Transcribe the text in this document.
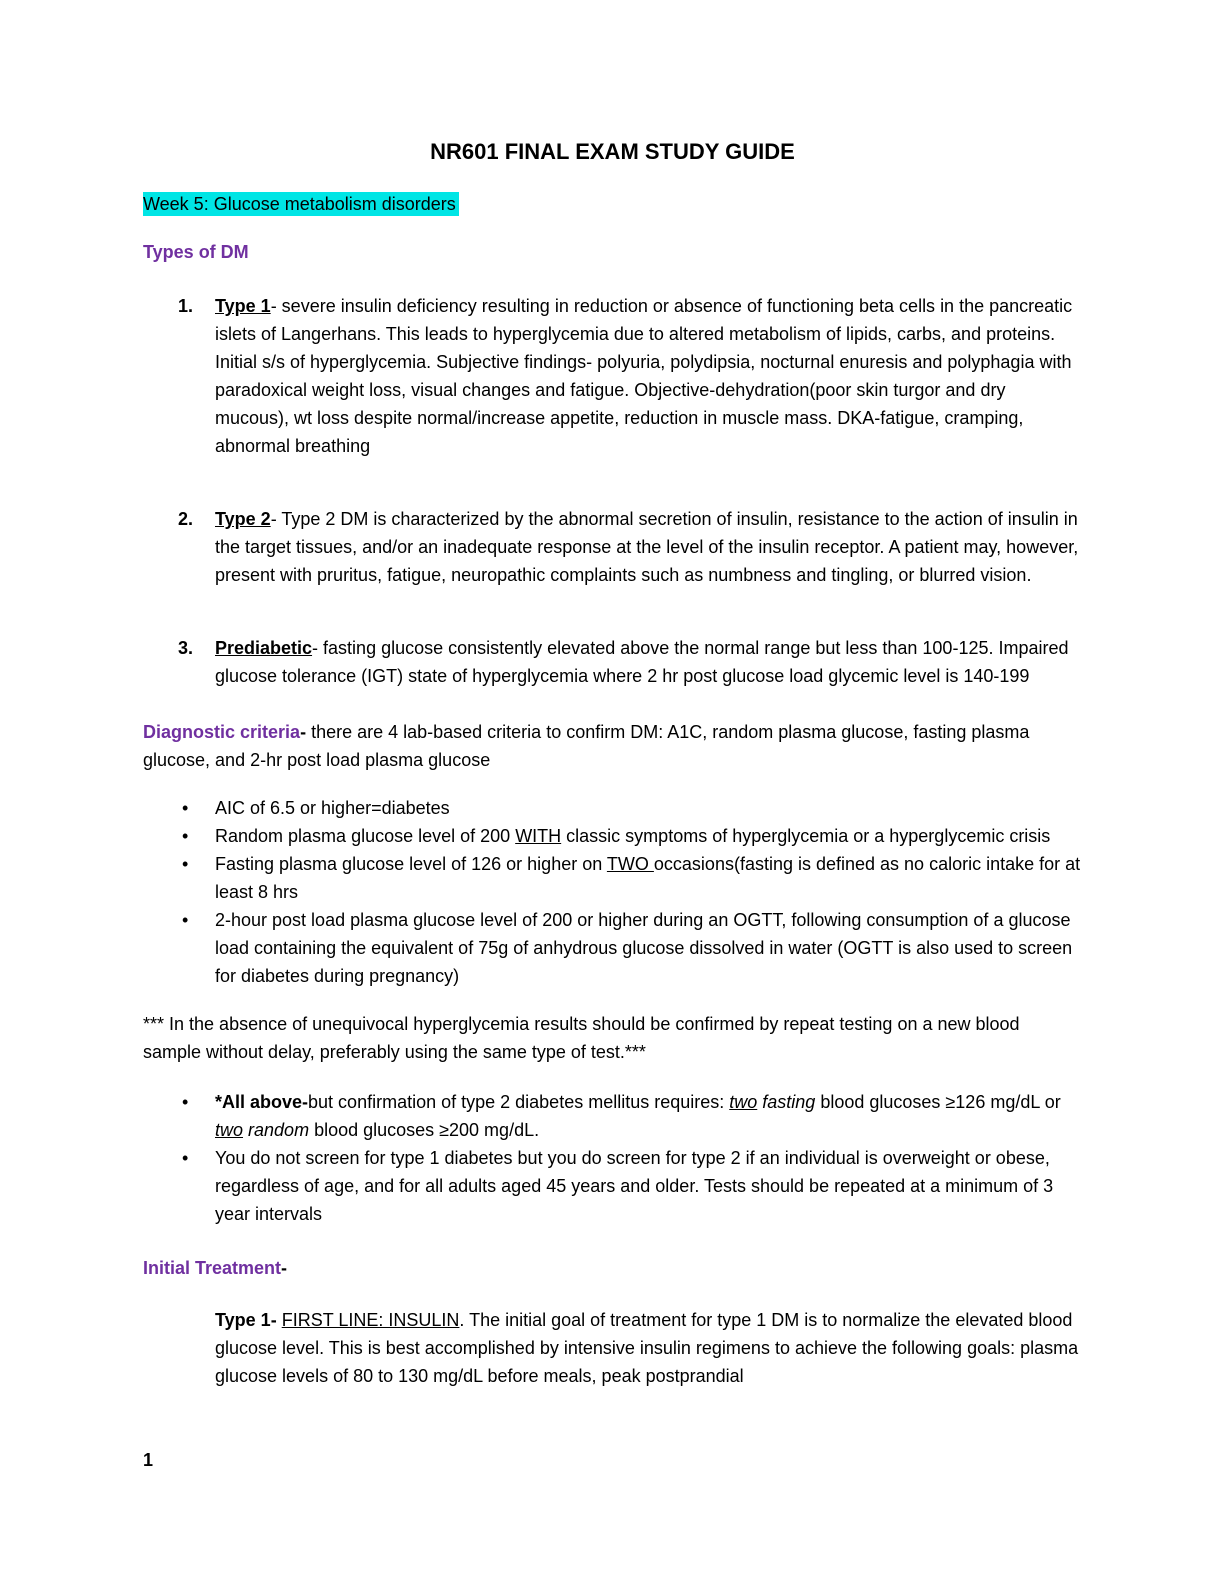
NR601 FINAL EXAM STUDY GUIDE
Week 5: Glucose metabolism disorders
Types of DM
1.	Type 1- severe insulin deficiency resulting in reduction or absence of functioning beta cells in the pancreatic islets of Langerhans. This leads to hyperglycemia due to altered metabolism of lipids, carbs, and proteins. Initial s/s of hyperglycemia. Subjective findings- polyuria, polydipsia, nocturnal enuresis and polyphagia with paradoxical weight loss, visual changes and fatigue. Objective-dehydration(poor skin turgor and dry mucous), wt loss despite normal/increase appetite, reduction in muscle mass. DKA-fatigue, cramping, abnormal breathing
2.	Type 2- Type 2 DM is characterized by the abnormal secretion of insulin, resistance to the action of insulin in the target tissues, and/or an inadequate response at the level of the insulin receptor. A patient may, however, present with pruritus, fatigue, neuropathic complaints such as numbness and tingling, or blurred vision.
3.	Prediabetic- fasting glucose consistently elevated above the normal range but less than 100-125. Impaired glucose tolerance (IGT) state of hyperglycemia where 2 hr post glucose load glycemic level is 140-199
Diagnostic criteria- there are 4 lab-based criteria to confirm DM: A1C, random plasma glucose, fasting plasma glucose, and 2-hr post load plasma glucose
•	AIC of 6.5 or higher=diabetes
•	Random plasma glucose level of 200 WITH classic symptoms of hyperglycemia or a hyperglycemic crisis
•	Fasting plasma glucose level of 126 or higher on TWO occasions(fasting is defined as no caloric intake for at least 8 hrs
•	2-hour post load plasma glucose level of 200 or higher during an OGTT, following consumption of a glucose load containing the equivalent of 75g of anhydrous glucose dissolved in water (OGTT is also used to screen for diabetes during pregnancy)
*** In the absence of unequivocal hyperglycemia results should be confirmed by repeat testing on a new blood sample without delay, preferably using the same type of test.***
•	*All above-but confirmation of type 2 diabetes mellitus requires: two fasting blood glucoses ≥126 mg/dL or two random blood glucoses ≥200 mg/dL.
•	You do not screen for type 1 diabetes but you do screen for type 2 if an individual is overweight or obese, regardless of age, and for all adults aged 45 years and older. Tests should be repeated at a minimum of 3 year intervals
Initial Treatment-
Type 1- FIRST LINE: INSULIN. The initial goal of treatment for type 1 DM is to normalize the elevated blood glucose level. This is best accomplished by intensive insulin regimens to achieve the following goals: plasma glucose levels of 80 to 130 mg/dL before meals, peak postprandial
1
